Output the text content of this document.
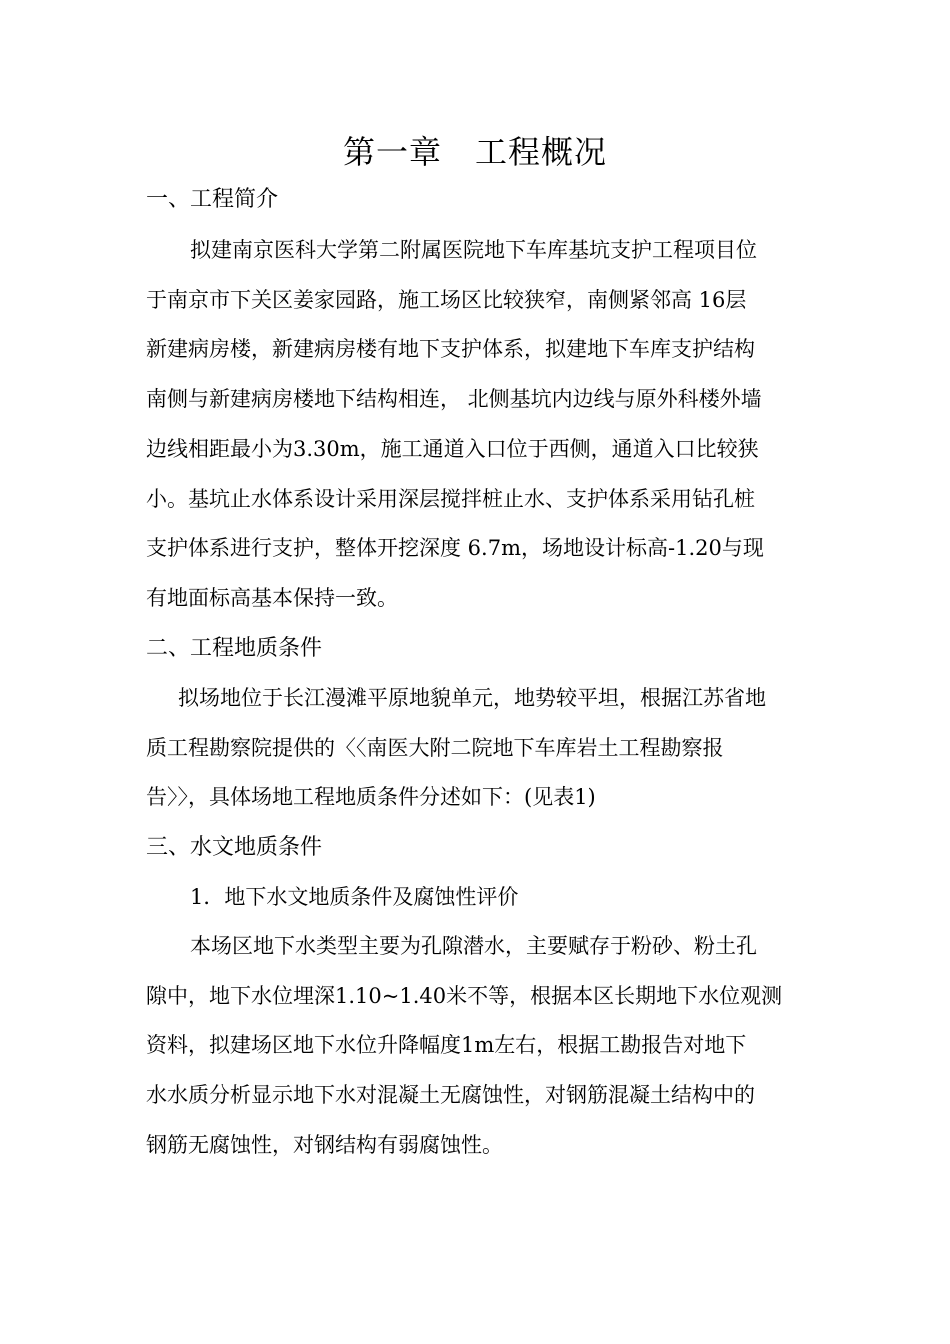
第一章　工程概况
一、工程简介
拟建南京医科大学第二附属医院地下车库基坑支护工程项目位
于南京市下关区姜家园路，施工场区比较狭窄，南侧紧邻高 16层
新建病房楼，新建病房楼有地下支护体系，拟建地下车库支护结构
南侧与新建病房楼地下结构相连， 北侧基坑内边线与原外科楼外墙
边线相距最小为3.30m，施工通道入口位于西侧，通道入口比较狭
小。基坑止水体系设计采用深层搅拌桩止水、支护体系采用钻孔桩
支护体系进行支护，整体开挖深度 6.7m，场地设计标高-1.20与现
有地面标高基本保持一致。
二、工程地质条件
拟场地位于长江漫滩平原地貌单元，地势较平坦，根据江苏省地
质工程勘察院提供的〈〈南医大附二院地下车库岩土工程勘察报
告〉〉，具体场地工程地质条件分述如下：(见表1)
三、水文地质条件
1．地下水文地质条件及腐蚀性评价
本场区地下水类型主要为孔隙潜水，主要赋存于粉砂、粉土孔
隙中，地下水位埋深1.10~1.40米不等，根据本区长期地下水位观测
资料，拟建场区地下水位升降幅度1m左右，根据工勘报告对地下
水水质分析显示地下水对混凝土无腐蚀性，对钢筋混凝土结构中的
钢筋无腐蚀性，对钢结构有弱腐蚀性。
